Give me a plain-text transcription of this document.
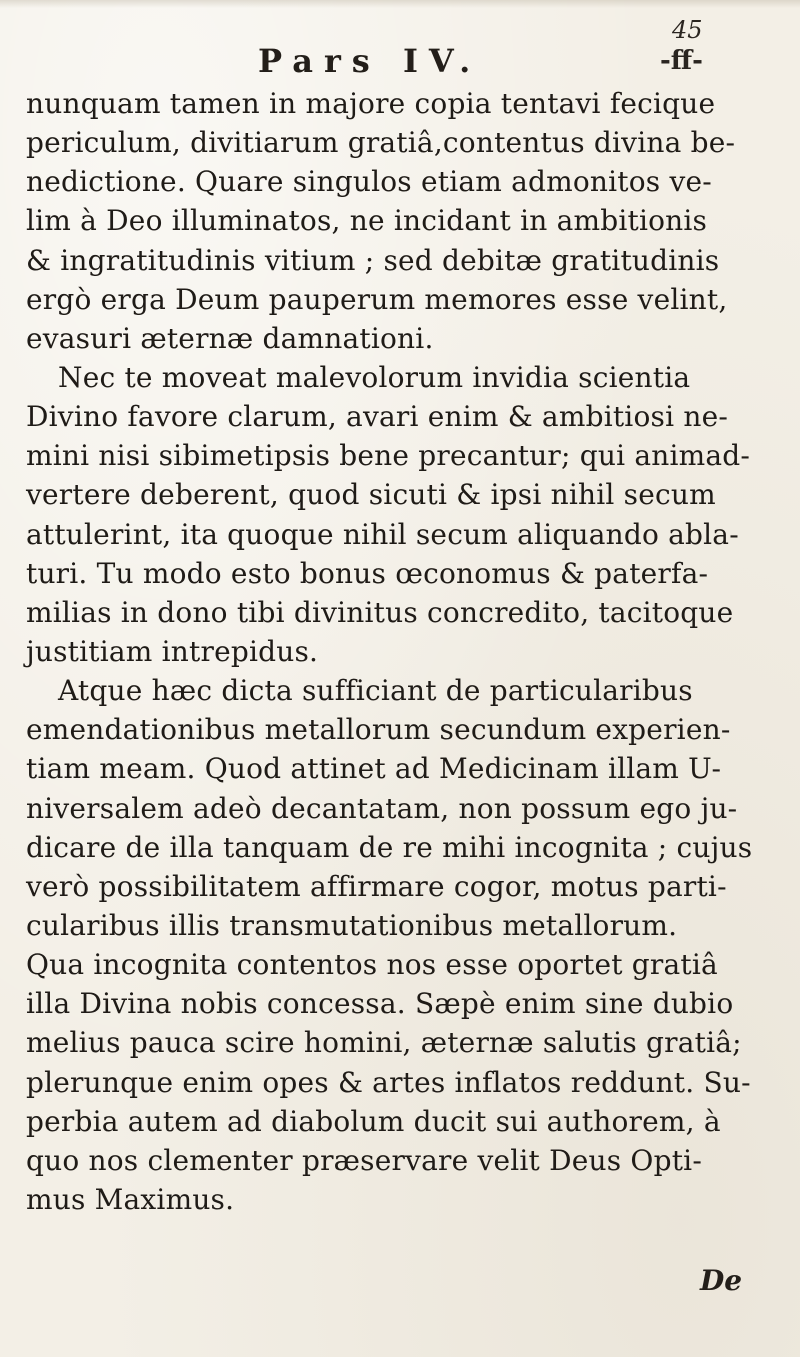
Pars IV.
45
-ff-
nunquam tamen in majore copia tentavi fecique
periculum, divitiarum gratiâ,contentus divina be-
nedictione. Quare singulos etiam admonitos ve-
lim à Deo illuminatos, ne incidant in ambitionis
& ingratitudinis vitium ; sed debitæ gratitudinis
ergò erga Deum pauperum memores esse velint,
evasuri æternæ damnationi.
Nec te moveat malevolorum invidia scientia
Divino favore clarum, avari enim & ambitiosi ne-
mini nisi sibimetipsis bene precantur; qui animad-
vertere deberent, quod sicuti & ipsi nihil secum
attulerint, ita quoque nihil secum aliquando abla-
turi. Tu modo esto bonus œconomus & paterfa-
milias in dono tibi divinitus concredito, tacitoque
justitiam intrepidus.
Atque hæc dicta sufficiant de particularibus
emendationibus metallorum secundum experien-
tiam meam. Quod attinet ad Medicinam illam U-
niversalem adeò decantatam, non possum ego ju-
dicare de illa tanquam de re mihi incognita ; cujus
verò possibilitatem affirmare cogor, motus parti-
cularibus illis transmutationibus metallorum.
Qua incognita contentos nos esse oportet gratiâ
illa Divina nobis concessa. Sæpè enim sine dubio
melius pauca scire homini, æternæ salutis gratiâ;
plerunque enim opes & artes inflatos reddunt. Su-
perbia autem ad diabolum ducit sui authorem, à
quo nos clementer præservare velit Deus Opti-
mus Maximus.
De
